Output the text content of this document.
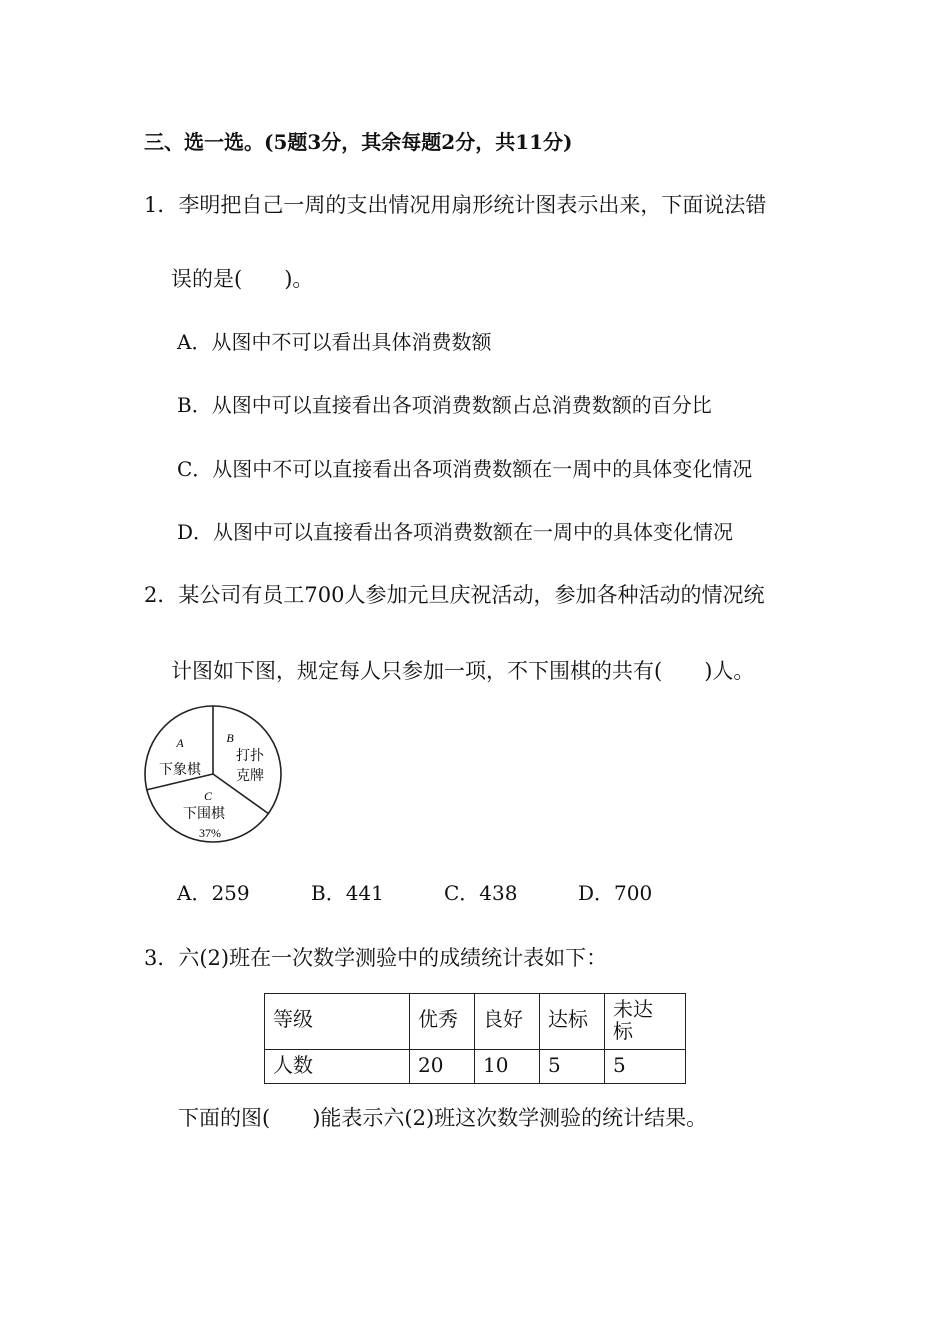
三、选一选。(5题3分，其余每题2分，共11分)
1．李明把自己一周的支出情况用扇形统计图表示出来，下面说法错
误的是(　　)。
A．从图中不可以看出具体消费数额
B．从图中可以直接看出各项消费数额占总消费数额的百分比
C．从图中不可以直接看出各项消费数额在一周中的具体变化情况
D．从图中可以直接看出各项消费数额在一周中的具体变化情况
2．某公司有员工700人参加元旦庆祝活动，参加各种活动的情况统
计图如下图，规定每人只参加一项，不下围棋的共有(　　)人。
A
下象棋
B
打扑
克牌
C
下围棋
37%
A．259	B．441	C．438	D．700
3．六(2)班在一次数学测验中的成绩统计表如下：
等级	优秀	良好	达标	未达
标

人数	20	10	5	5
下面的图(　　)能表示六(2)班这次数学测验的统计结果。
